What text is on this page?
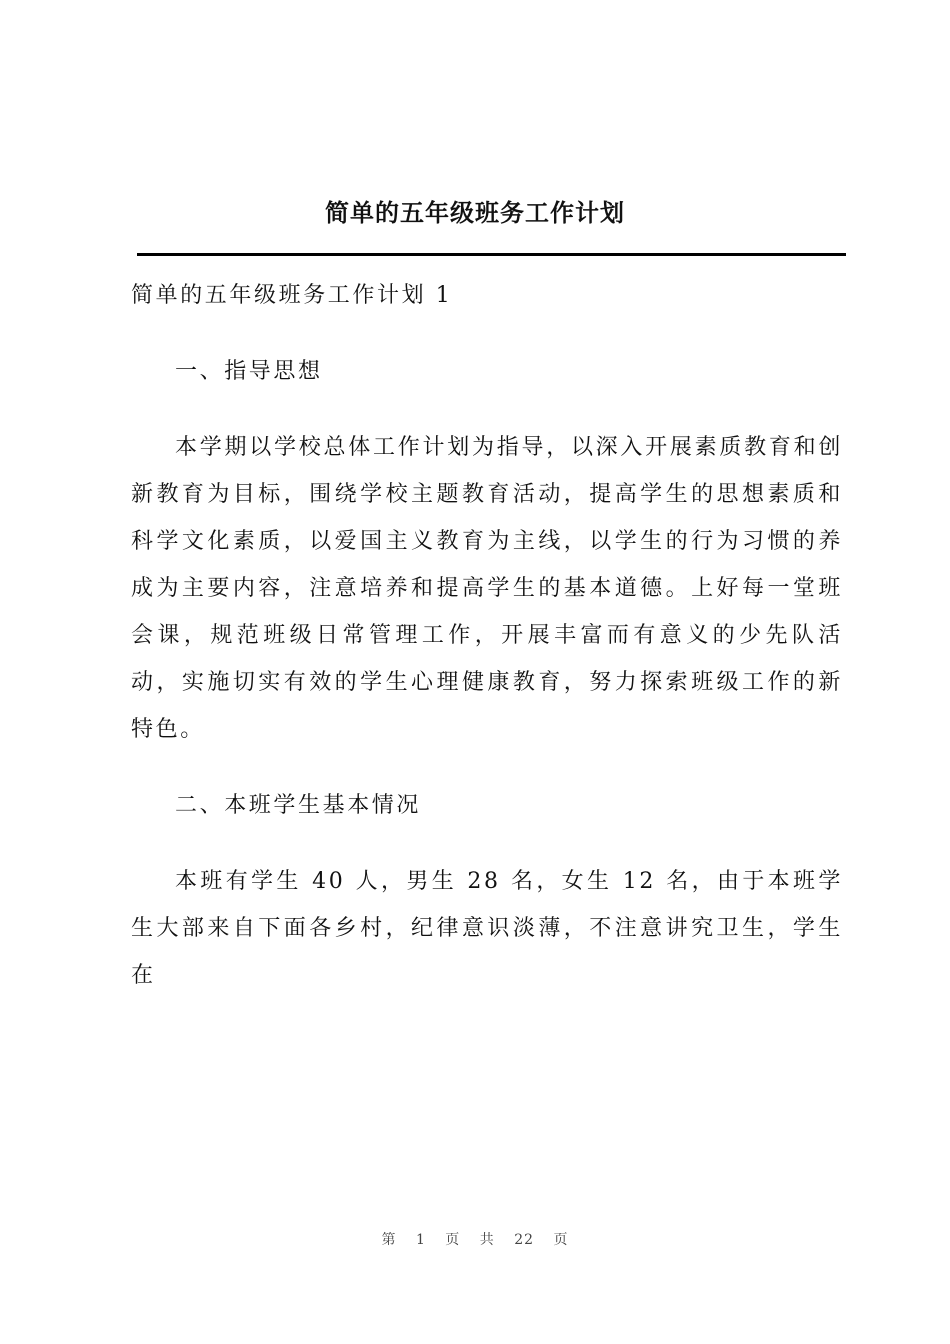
简单的五年级班务工作计划

简单的五年级班务工作计划 1

一、指导思想

本学期以学校总体工作计划为指导，以深入开展素质教育和创新教育为目标，围绕学校主题教育活动，提高学生的思想素质和科学文化素质，以爱国主义教育为主线，以学生的行为习惯的养成为主要内容，注意培养和提高学生的基本道德。上好每一堂班会课，规范班级日常管理工作，开展丰富而有意义的少先队活动，实施切实有效的学生心理健康教育，努力探索班级工作的新特色。

二、本班学生基本情况

本班有学生 40 人，男生 28 名，女生 12 名，由于本班学生大部来自下面各乡村，纪律意识淡薄，不注意讲究卫生，学生在

第 1 页 共 22 页
